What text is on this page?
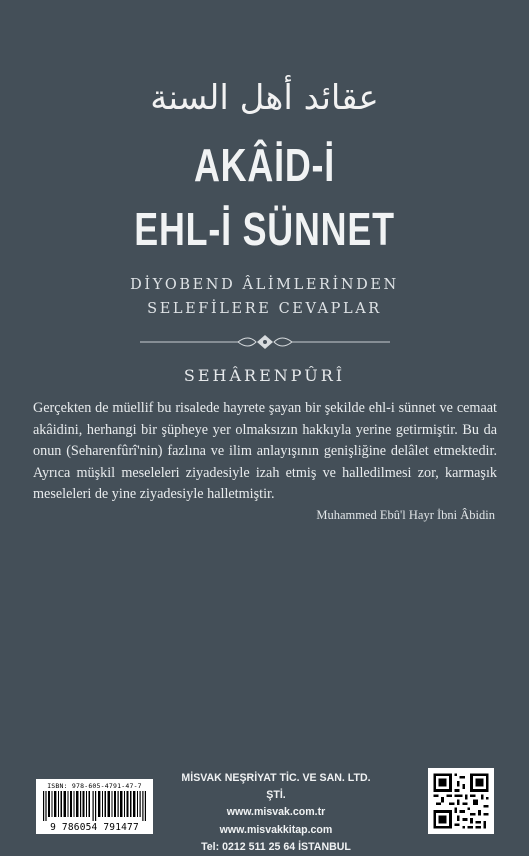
عقائد أهل السنة
AKÂİD-İ
EHL-İ SÜNNET
DİYOBEND ÂLİMLERİNDEN
SELEFİLERE CEVAPLAR
SEHÂRENPÛRÎ

Gerçekten de müellif bu risalede hayrete şayan bir şekilde ehl-i sünnet ve cemaat akâidini, herhangi bir şüpheye yer olmaksızın hakkıyla yerine getirmiştir. Bu da onun (Seharenfûrî'nin) fazlına ve ilim anlayışının genişliğine delâlet etmektedir. Ayrıca müşkil meseleleri ziyadesiyle izah etmiş ve halledilmesi zor, karmaşık meseleleri de yine ziyadesiyle halletmiştir.

Muhammed Ebû'l Hayr İbni Âbidin
ISBN: 978-605-4791-47-7
9 786054 791477
MİSVAK NEŞRİYAT TİC. VE SAN. LTD. ŞTİ.
www.misvak.com.tr
www.misvakkitap.com
Tel: 0212 511 25 64 İSTANBUL
